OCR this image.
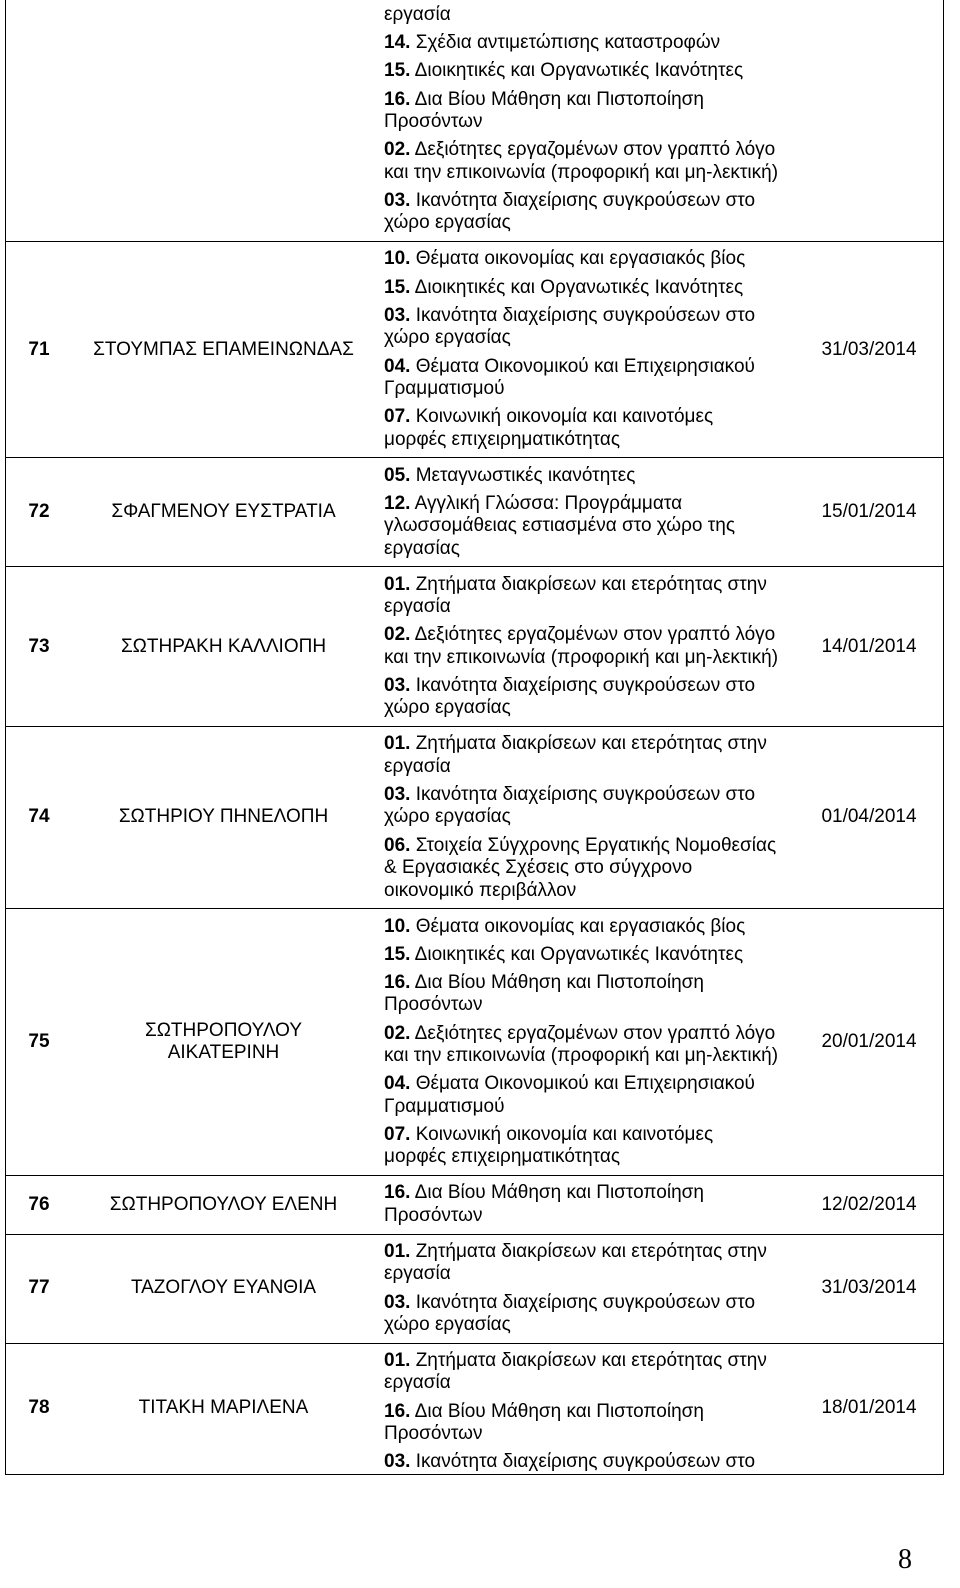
εργασία
14. Σχέδια αντιμετώπισης καταστροφών
15. Διοικητικές και Οργανωτικές Ικανότητες
16. Δια Βίου Μάθηση και Πιστοποίηση
Προσόντων
02. Δεξιότητες εργαζομένων στον γραπτό λόγο
και την επικοινωνία (προφορική και μη-λεκτική)
03. Ικανότητα διαχείρισης συγκρούσεων στο
χώρο εργασίας
71	ΣΤΟΥΜΠΑΣ ΕΠΑΜΕΙΝΩΝΔΑΣ
10. Θέματα οικονομίας και εργασιακός βίος
15. Διοικητικές και Οργανωτικές Ικανότητες
03. Ικανότητα διαχείρισης συγκρούσεων στο
χώρο εργασίας
04. Θέματα Οικονομικού και Επιχειρησιακού
Γραμματισμού
07. Κοινωνική οικονομία και καινοτόμες
μορφές επιχειρηματικότητας
31/03/2014
72	ΣΦΑΓΜΕΝΟΥ ΕΥΣΤΡΑΤΙΑ
05. Μεταγνωστικές ικανότητες
12. Αγγλική Γλώσσα: Προγράμματα
γλωσσομάθειας εστιασμένα στο χώρο της
εργασίας
15/01/2014
73	ΣΩΤΗΡΑΚΗ ΚΑΛΛΙΟΠΗ
01. Ζητήματα διακρίσεων και ετερότητας στην
εργασία
02. Δεξιότητες εργαζομένων στον γραπτό λόγο
και την επικοινωνία (προφορική και μη-λεκτική)
03. Ικανότητα διαχείρισης συγκρούσεων στο
χώρο εργασίας
14/01/2014
74	ΣΩΤΗΡΙΟΥ ΠΗΝΕΛΟΠΗ
01. Ζητήματα διακρίσεων και ετερότητας στην
εργασία
03. Ικανότητα διαχείρισης συγκρούσεων στο
χώρο εργασίας
06. Στοιχεία Σύγχρονης Εργατικής Νομοθεσίας
& Εργασιακές Σχέσεις στο σύγχρονο
οικονομικό περιβάλλον
01/04/2014
75
ΣΩΤΗΡΟΠΟΥΛΟΥ
ΑΙΚΑΤΕΡΙΝΗ
10. Θέματα οικονομίας και εργασιακός βίος
15. Διοικητικές και Οργανωτικές Ικανότητες
16. Δια Βίου Μάθηση και Πιστοποίηση
Προσόντων
02. Δεξιότητες εργαζομένων στον γραπτό λόγο
και την επικοινωνία (προφορική και μη-λεκτική)
04. Θέματα Οικονομικού και Επιχειρησιακού
Γραμματισμού
07. Κοινωνική οικονομία και καινοτόμες
μορφές επιχειρηματικότητας
20/01/2014
76	ΣΩΤΗΡΟΠΟΥΛΟΥ ΕΛΕΝΗ
16. Δια Βίου Μάθηση και Πιστοποίηση
Προσόντων
12/02/2014
77	ΤΑΖΟΓΛΟΥ ΕΥΑΝΘΙΑ
01. Ζητήματα διακρίσεων και ετερότητας στην
εργασία
03. Ικανότητα διαχείρισης συγκρούσεων στο
χώρο εργασίας
31/03/2014
78	ΤΙΤΑΚΗ ΜΑΡΙΛΕΝΑ
01. Ζητήματα διακρίσεων και ετερότητας στην
εργασία
16. Δια Βίου Μάθηση και Πιστοποίηση
Προσόντων
03. Ικανότητα διαχείρισης συγκρούσεων στο
18/01/2014
8
